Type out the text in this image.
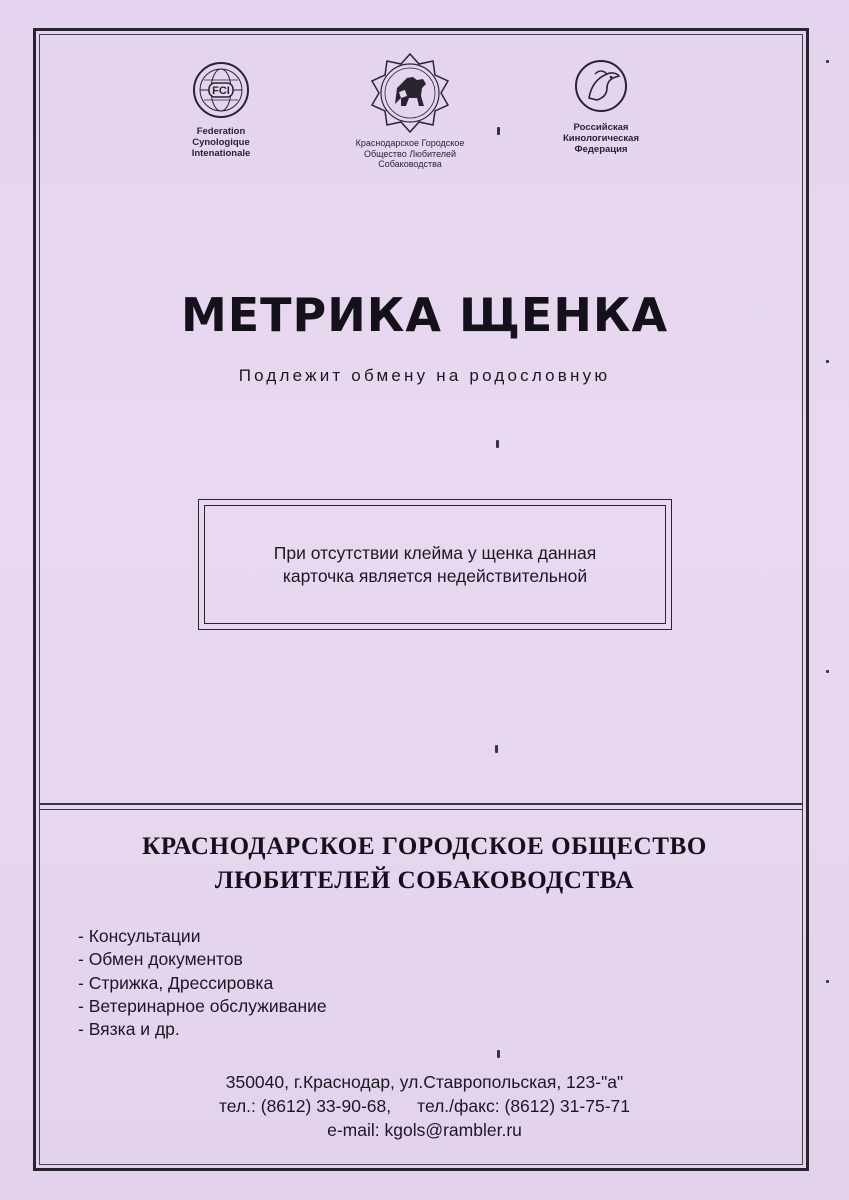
FCI
Federation
Cynologique
Intenationale
Краснодарское Городское
Общество Любителей
Собаководства
Российская
Кинологическая
Федерация
МЕТРИКА ЩЕНКА
Подлежит обмену на родословную
При отсутствии клейма у щенка данная
карточка является недействительной
КРАСНОДАРСКОЕ ГОРОДСКОЕ ОБЩЕСТВО
ЛЮБИТЕЛЕЙ СОБАКОВОДСТВА
- Консультации
- Обмен документов
- Стрижка, Дрессировка
- Ветеринарное обслуживание
- Вязка и др.
350040, г.Краснодар, ул.Ставропольская, 123-"а"
тел.: (8612) 33-90-68, тел./факс: (8612) 31-75-71
e-mail: kgols@rambler.ru
